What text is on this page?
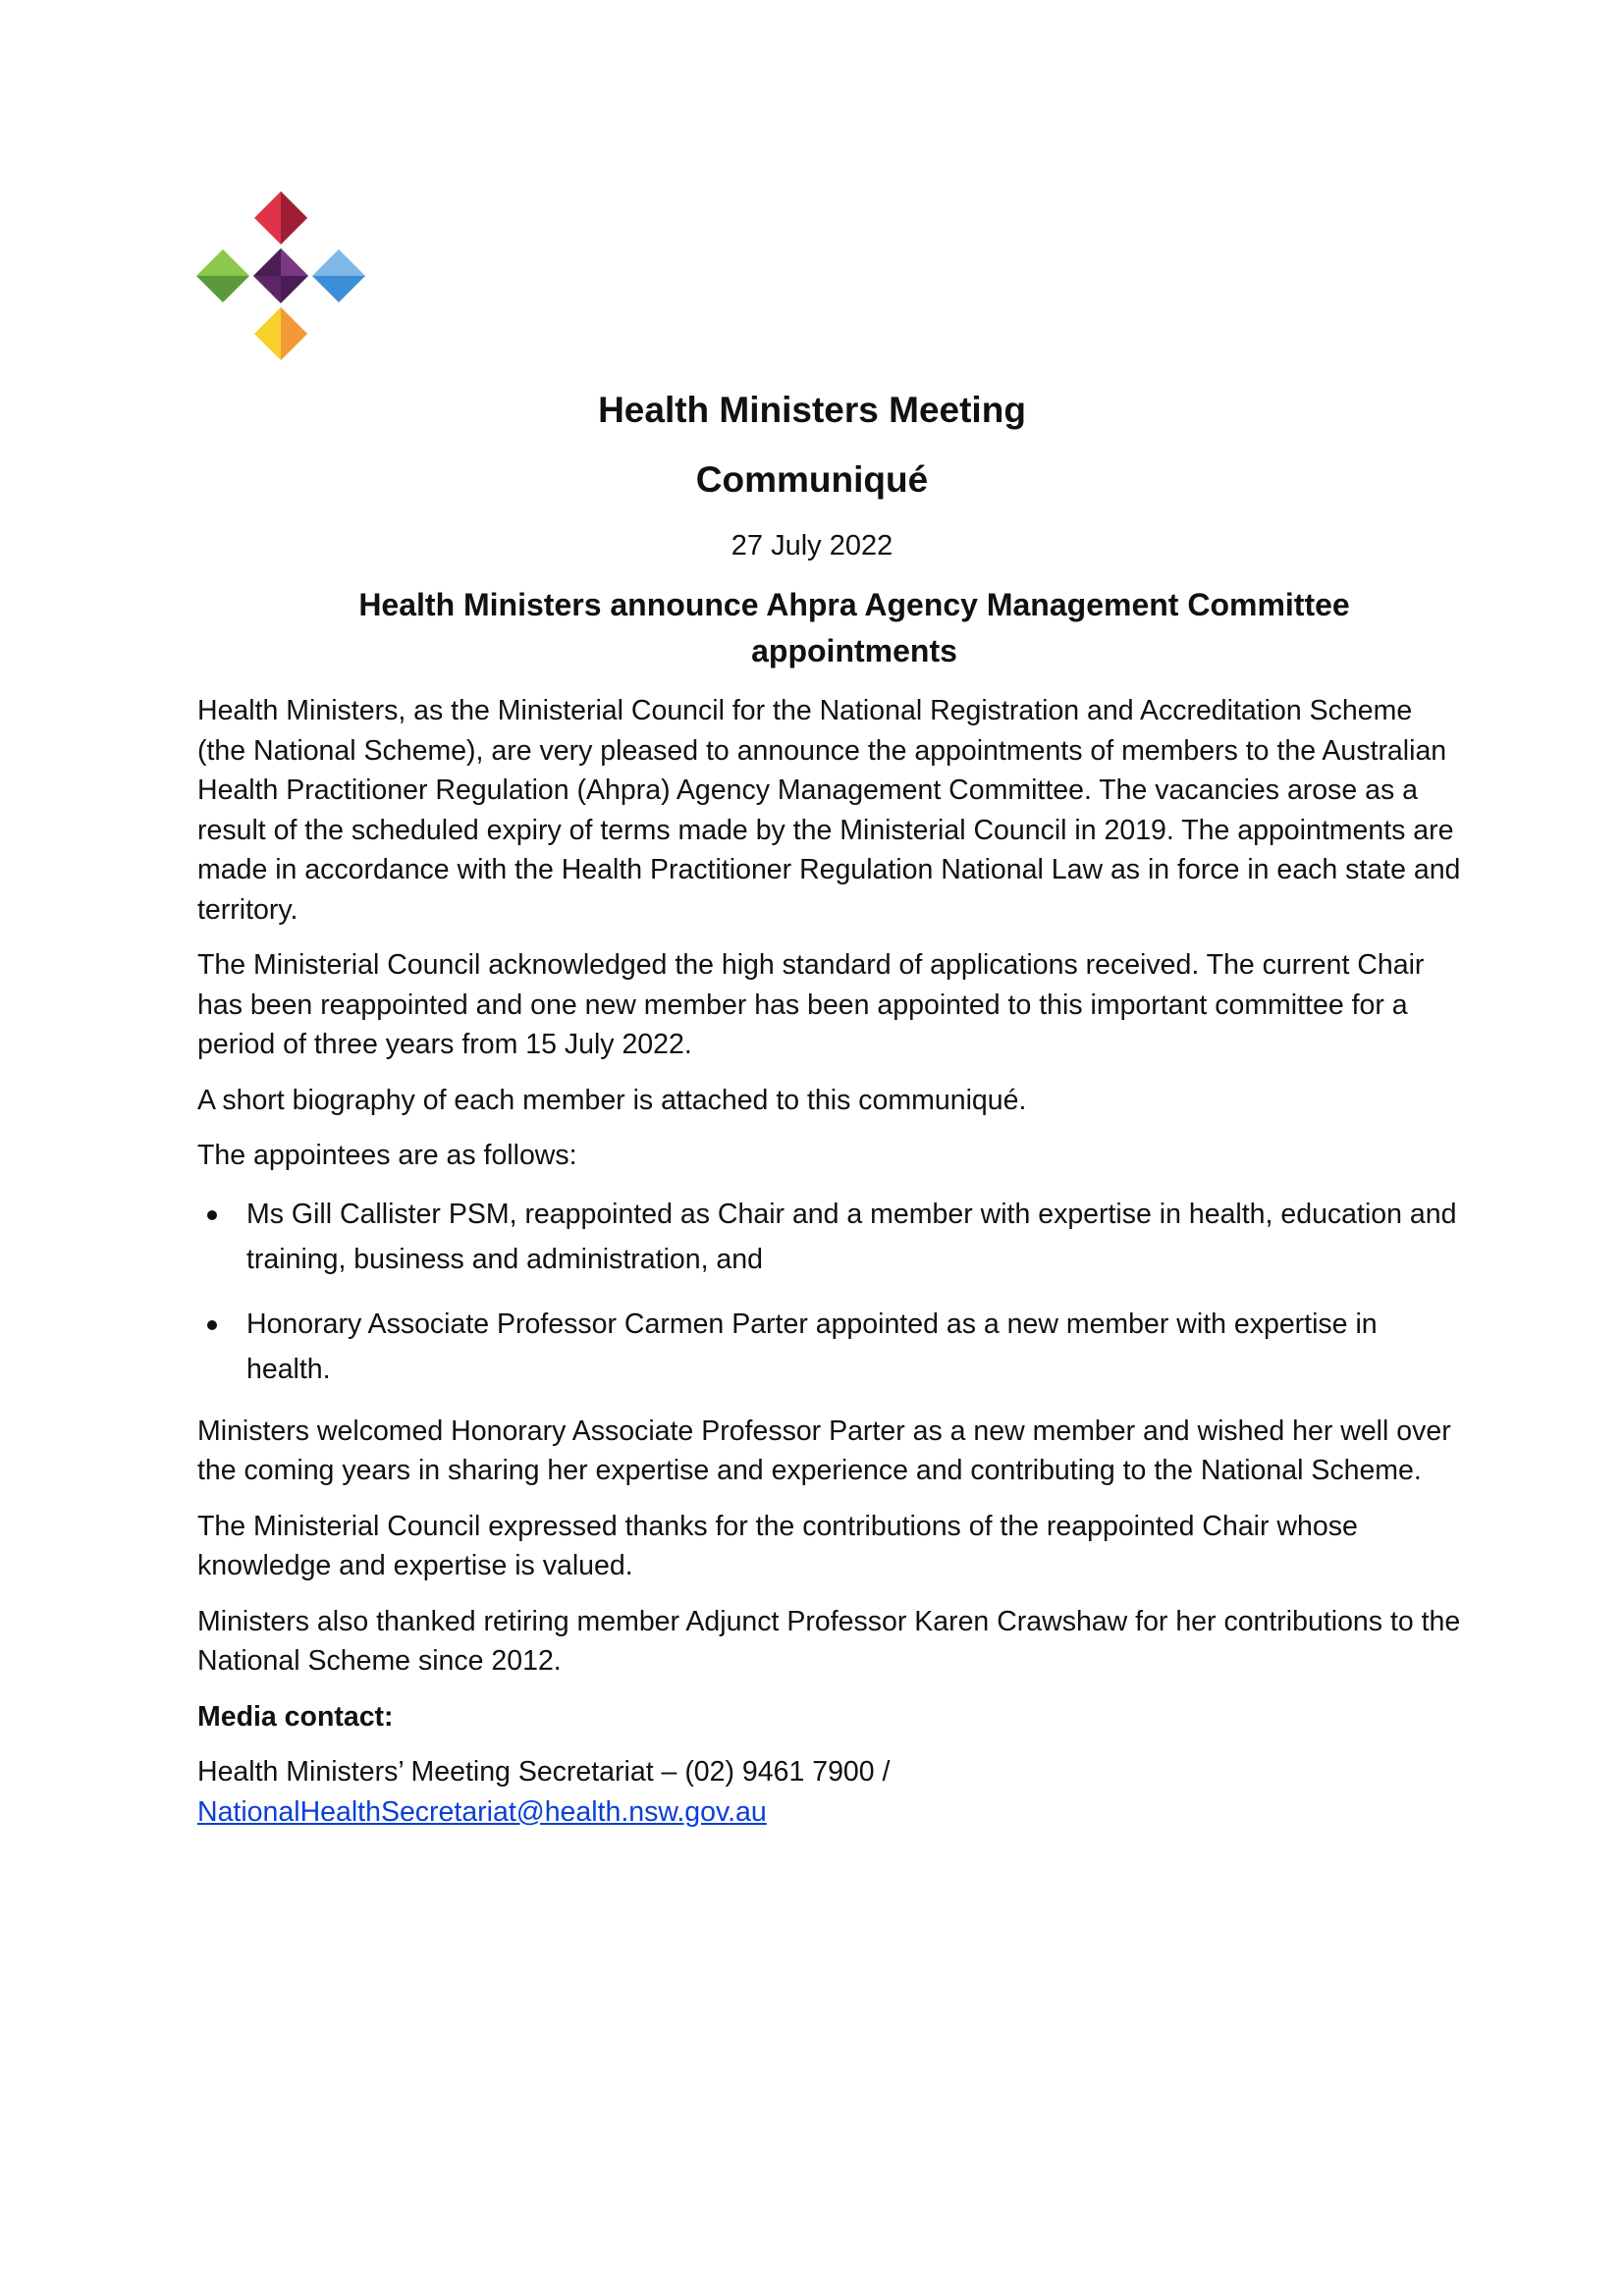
Health Ministers Meeting
Communiqué
27 July 2022
Health Ministers announce Ahpra Agency Management Committee appointments

Health Ministers, as the Ministerial Council for the National Registration and Accreditation Scheme (the National Scheme), are very pleased to announce the appointments of members to the Australian Health Practitioner Regulation (Ahpra) Agency Management Committee. The vacancies arose as a result of the scheduled expiry of terms made by the Ministerial Council in 2019. The appointments are made in accordance with the Health Practitioner Regulation National Law as in force in each state and territory.

The Ministerial Council acknowledged the high standard of applications received. The current Chair has been reappointed and one new member has been appointed to this important committee for a period of three years from 15 July 2022.

A short biography of each member is attached to this communiqué.

The appointees are as follows:

Ms Gill Callister PSM, reappointed as Chair and a member with expertise in health, education and training, business and administration, and
Honorary Associate Professor Carmen Parter appointed as a new member with expertise in health.

Ministers welcomed Honorary Associate Professor Parter as a new member and wished her well over the coming years in sharing her expertise and experience and contributing to the National Scheme.

The Ministerial Council expressed thanks for the contributions of the reappointed Chair whose knowledge and expertise is valued.

Ministers also thanked retiring member Adjunct Professor Karen Crawshaw for her contributions to the National Scheme since 2012.

Media contact:

Health Ministers’ Meeting Secretariat – (02) 9461 7900 /
NationalHealthSecretariat@health.nsw.gov.au
